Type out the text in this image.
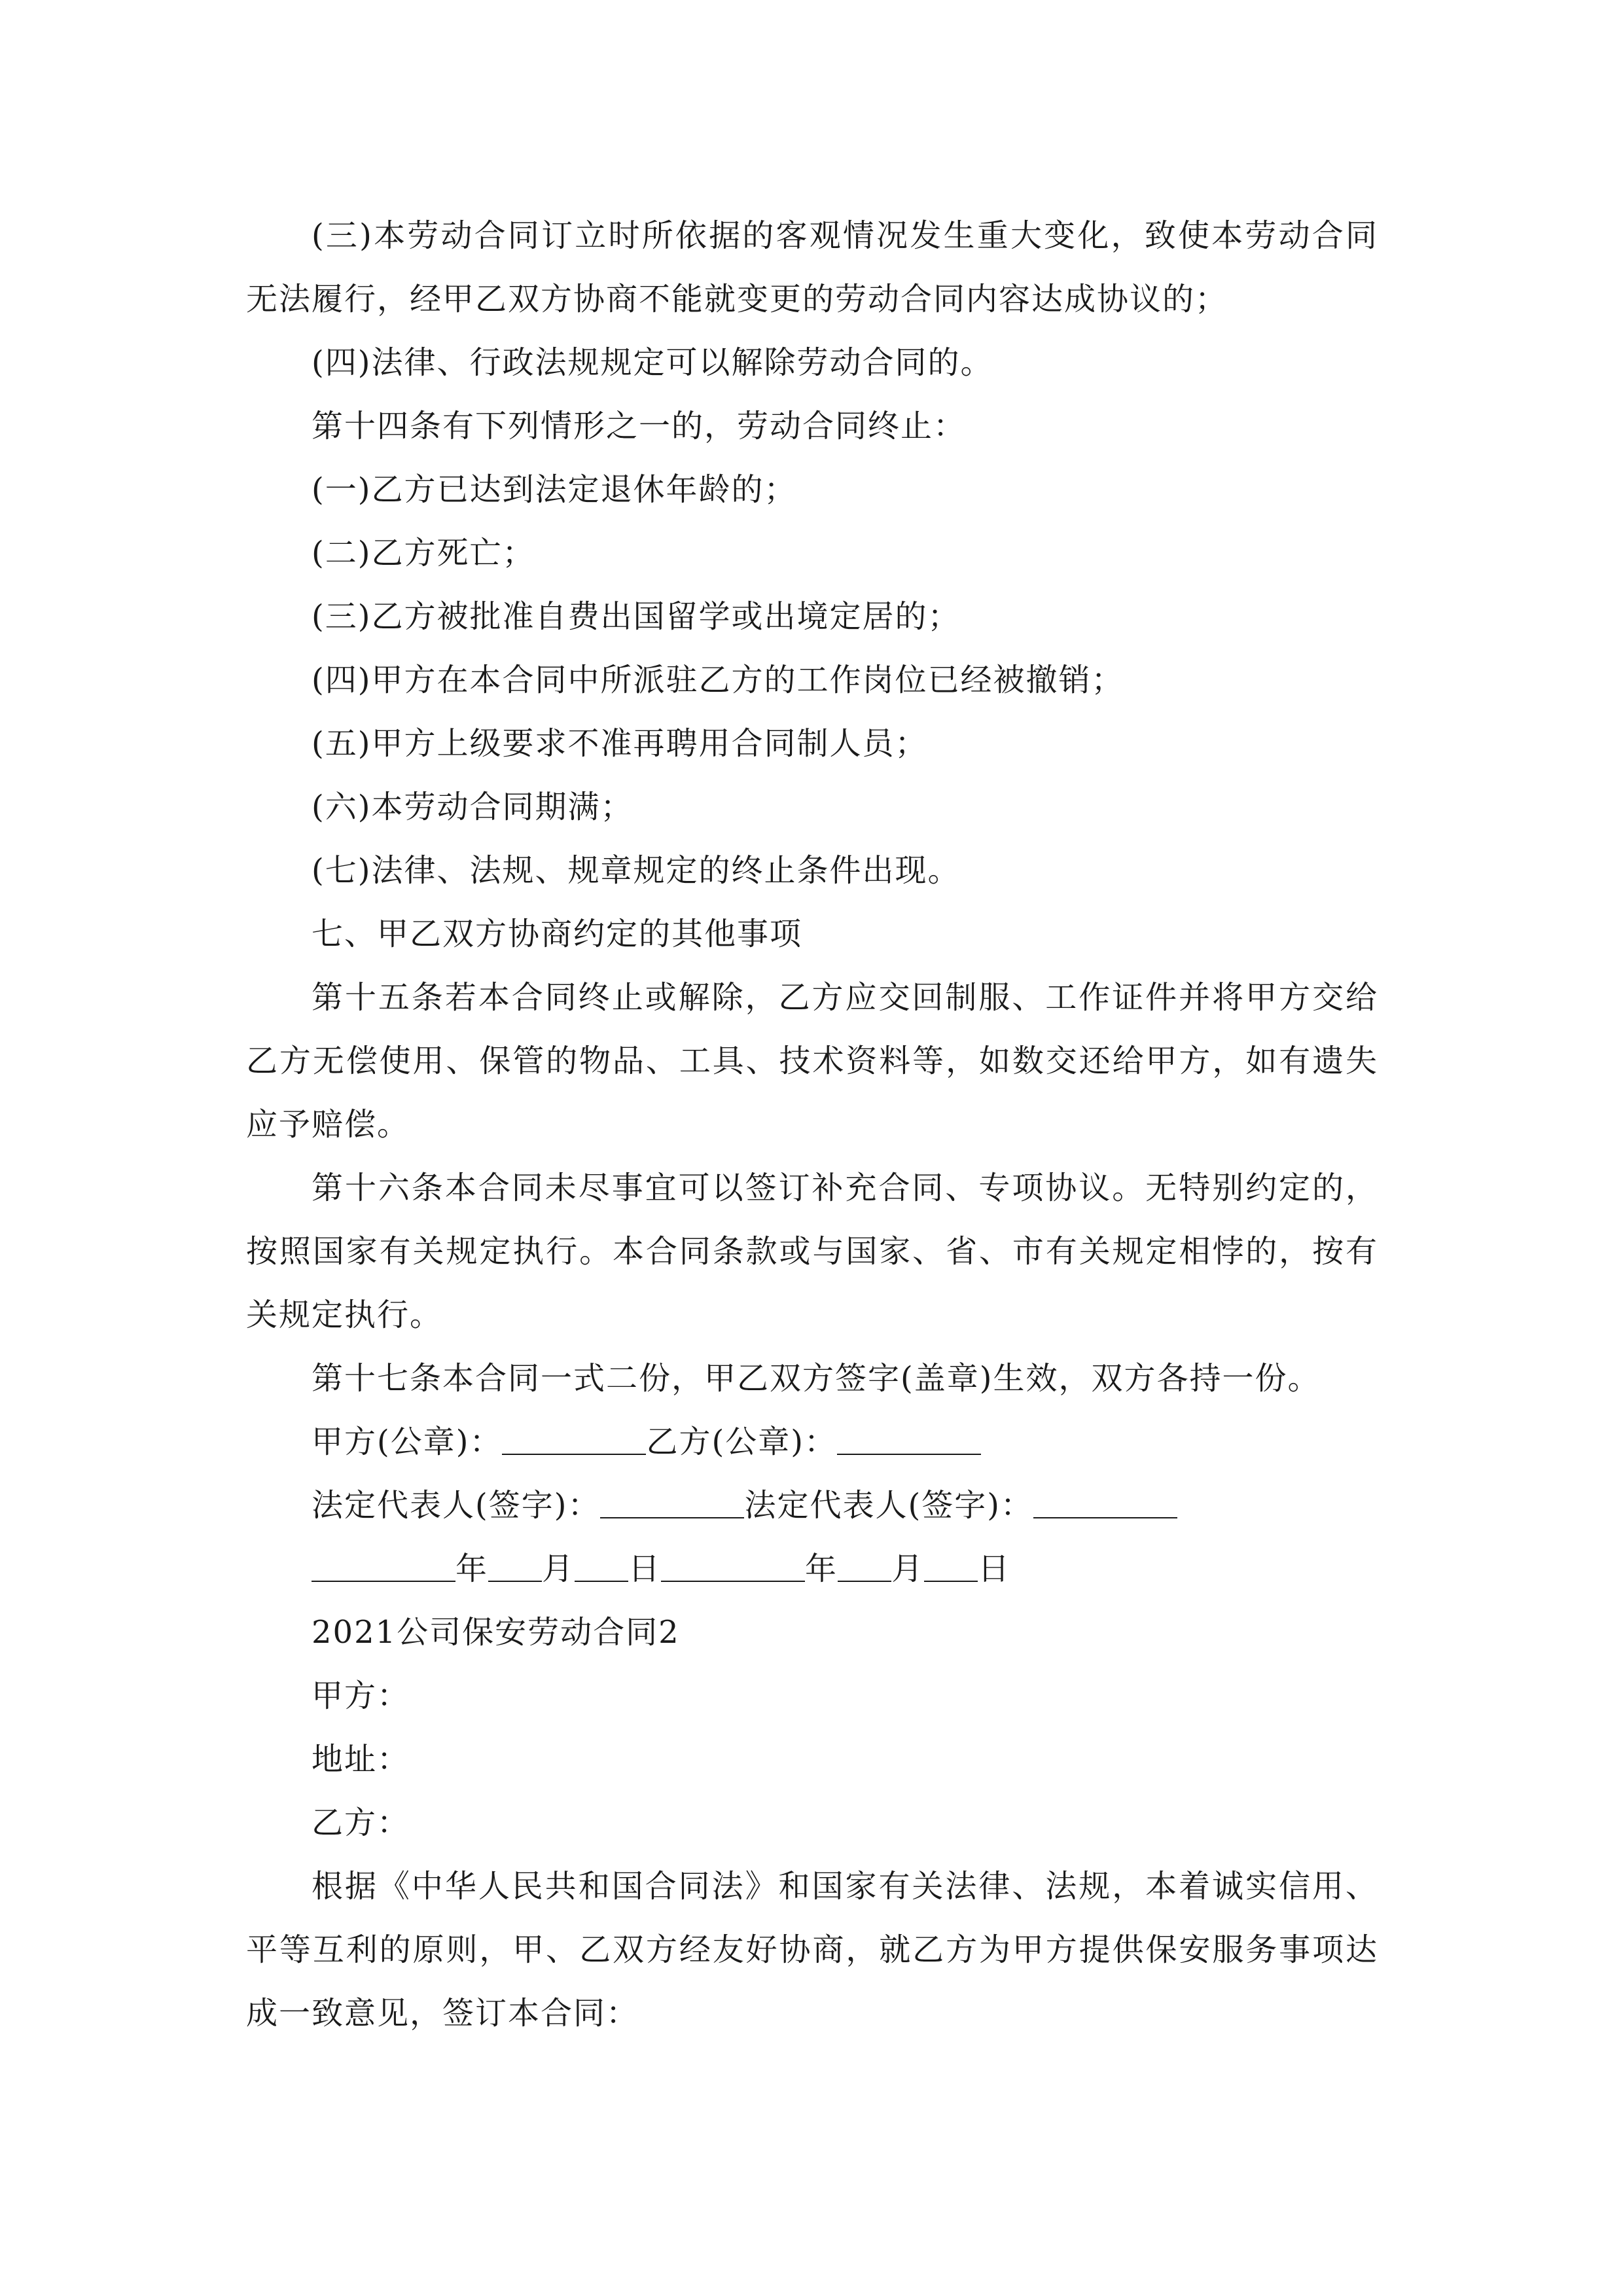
(三)本劳动合同订立时所依据的客观情况发生重大变化，致使本劳动合同无法履行，经甲乙双方协商不能就变更的劳动合同内容达成协议的；

(四)法律、行政法规规定可以解除劳动合同的。

第十四条有下列情形之一的，劳动合同终止：

(一)乙方已达到法定退休年龄的；

(二)乙方死亡；

(三)乙方被批准自费出国留学或出境定居的；

(四)甲方在本合同中所派驻乙方的工作岗位已经被撤销；

(五)甲方上级要求不准再聘用合同制人员；

(六)本劳动合同期满；

(七)法律、法规、规章规定的终止条件出现。

七、甲乙双方协商约定的其他事项

第十五条若本合同终止或解除，乙方应交回制服、工作证件并将甲方交给乙方无偿使用、保管的物品、工具、技术资料等，如数交还给甲方，如有遗失应予赔偿。

第十六条本合同未尽事宜可以签订补充合同、专项协议。无特别约定的，按照国家有关规定执行。本合同条款或与国家、省、市有关规定相悖的，按有关规定执行。

第十七条本合同一式二份，甲乙双方签字(盖章)生效，双方各持一份。

甲方(公章)：	乙方(公章)：

法定代表人(签字)：	法定代表人(签字)：

年 月 日	年 月 日

2021公司保安劳动合同2

甲方：

地址：

乙方：

根据《中华人民共和国合同法》和国家有关法律、法规，本着诚实信用、平等互利的原则，甲、乙双方经友好协商，就乙方为甲方提供保安服务事项达成一致意见，签订本合同：
